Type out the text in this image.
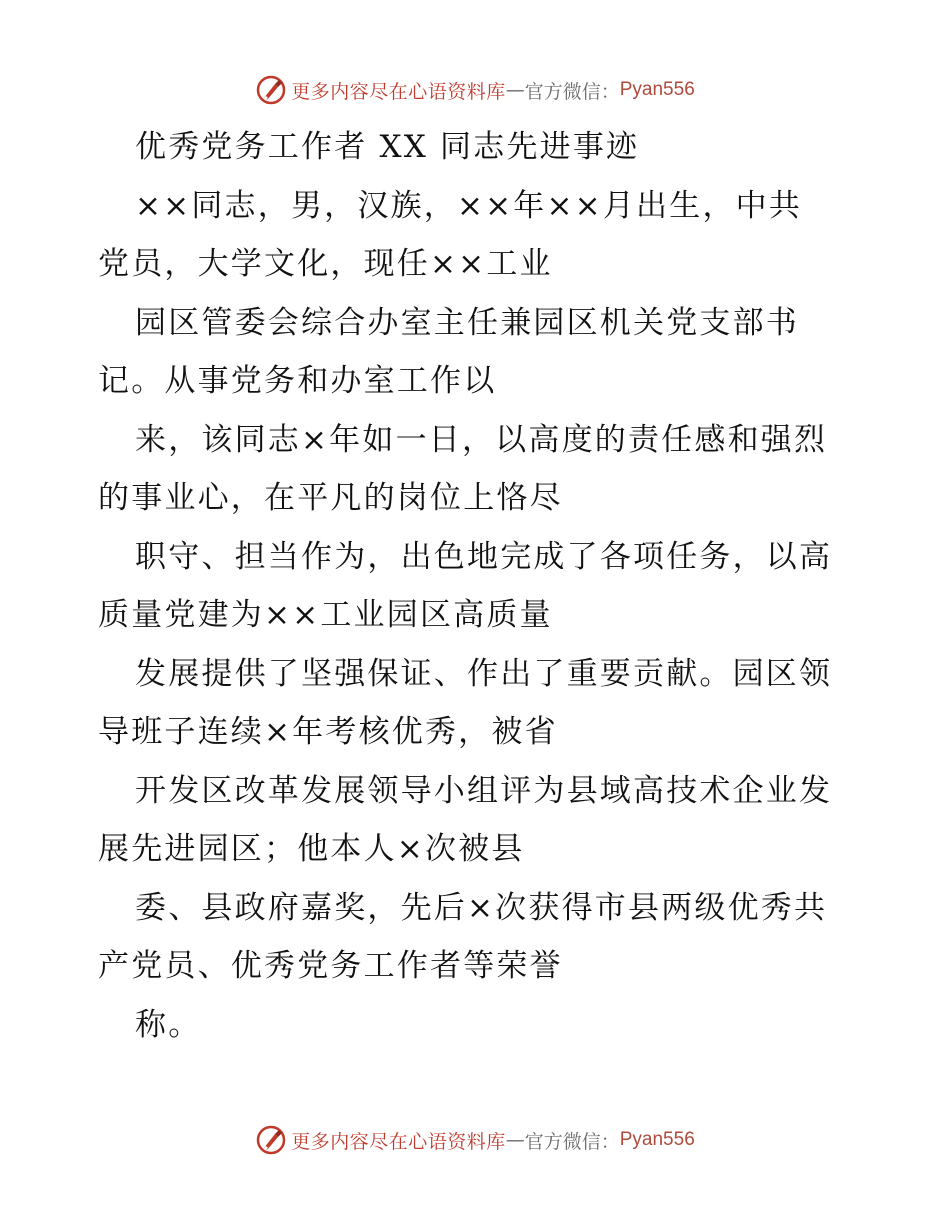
更多内容尽在心语资料库 — 官方微信： Pyan556
优秀党务工作者 XX 同志先进事迹
××同志，男，汉族，××年××月出生，中共
党员，大学文化，现任××工业
园区管委会综合办室主任兼园区机关党支部书
记。从事党务和办室工作以
来，该同志×年如一日，以高度的责任感和强烈
的事业心，在平凡的岗位上恪尽
职守、担当作为，出色地完成了各项任务，以高
质量党建为××工业园区高质量
发展提供了坚强保证、作出了重要贡献。园区领
导班子连续×年考核优秀，被省
开发区改革发展领导小组评为县域高技术企业发
展先进园区；他本人×次被县
委、县政府嘉奖，先后×次获得市县两级优秀共
产党员、优秀党务工作者等荣誉
称。
更多内容尽在心语资料库 — 官方微信： Pyan556
